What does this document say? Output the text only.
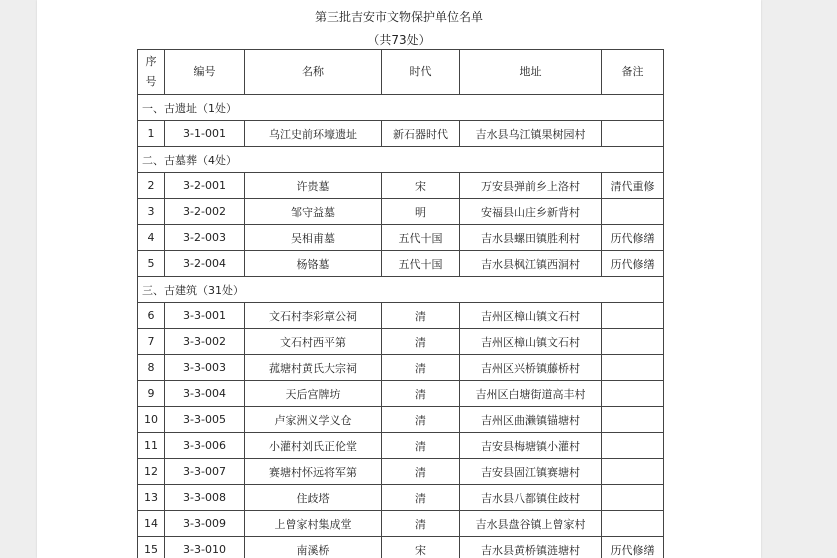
第三批吉安市文物保护单位名单
（共73处）
序号	编号	名称	时代	地址	备注
一、古遗址（1处）					
1	3-1-001	乌江史前环壕遗址	新石器时代	吉水县乌江镇果树园村	
二、古墓葬（4处）					
2	3-2-001	许贵墓	宋	万安县弹前乡上洛村	清代重修
3	3-2-002	邹守益墓	明	安福县山庄乡新背村	
4	3-2-003	吴相甫墓	五代十国	吉水县螺田镇胜利村	历代修缮
5	3-2-004	杨铬墓	五代十国	吉水县枫江镇西洞村	历代修缮
三、古建筑（31处）					
6	3-3-001	文石村李彩章公祠	清	吉州区樟山镇文石村	
7	3-3-002	文石村西平第	清	吉州区樟山镇文石村	
8	3-3-003	菰塘村黄氏大宗祠	清	吉州区兴桥镇藤桥村	
9	3-3-004	天后宫牌坊	清	吉州区白塘街道高丰村	
10	3-3-005	卢家洲义学义仓	清	吉州区曲濑镇锚塘村	
11	3-3-006	小灌村刘氏正伦堂	清	吉安县梅塘镇小灌村	
12	3-3-007	赛塘村怀远将军第	清	吉安县固江镇赛塘村	
13	3-3-008	住歧塔	清	吉水县八都镇住歧村	
14	3-3-009	上曾家村集成堂	清	吉水县盘谷镇上曾家村	
15	3-3-010	南溪桥	宋	吉水县黄桥镇涟塘村	历代修缮
